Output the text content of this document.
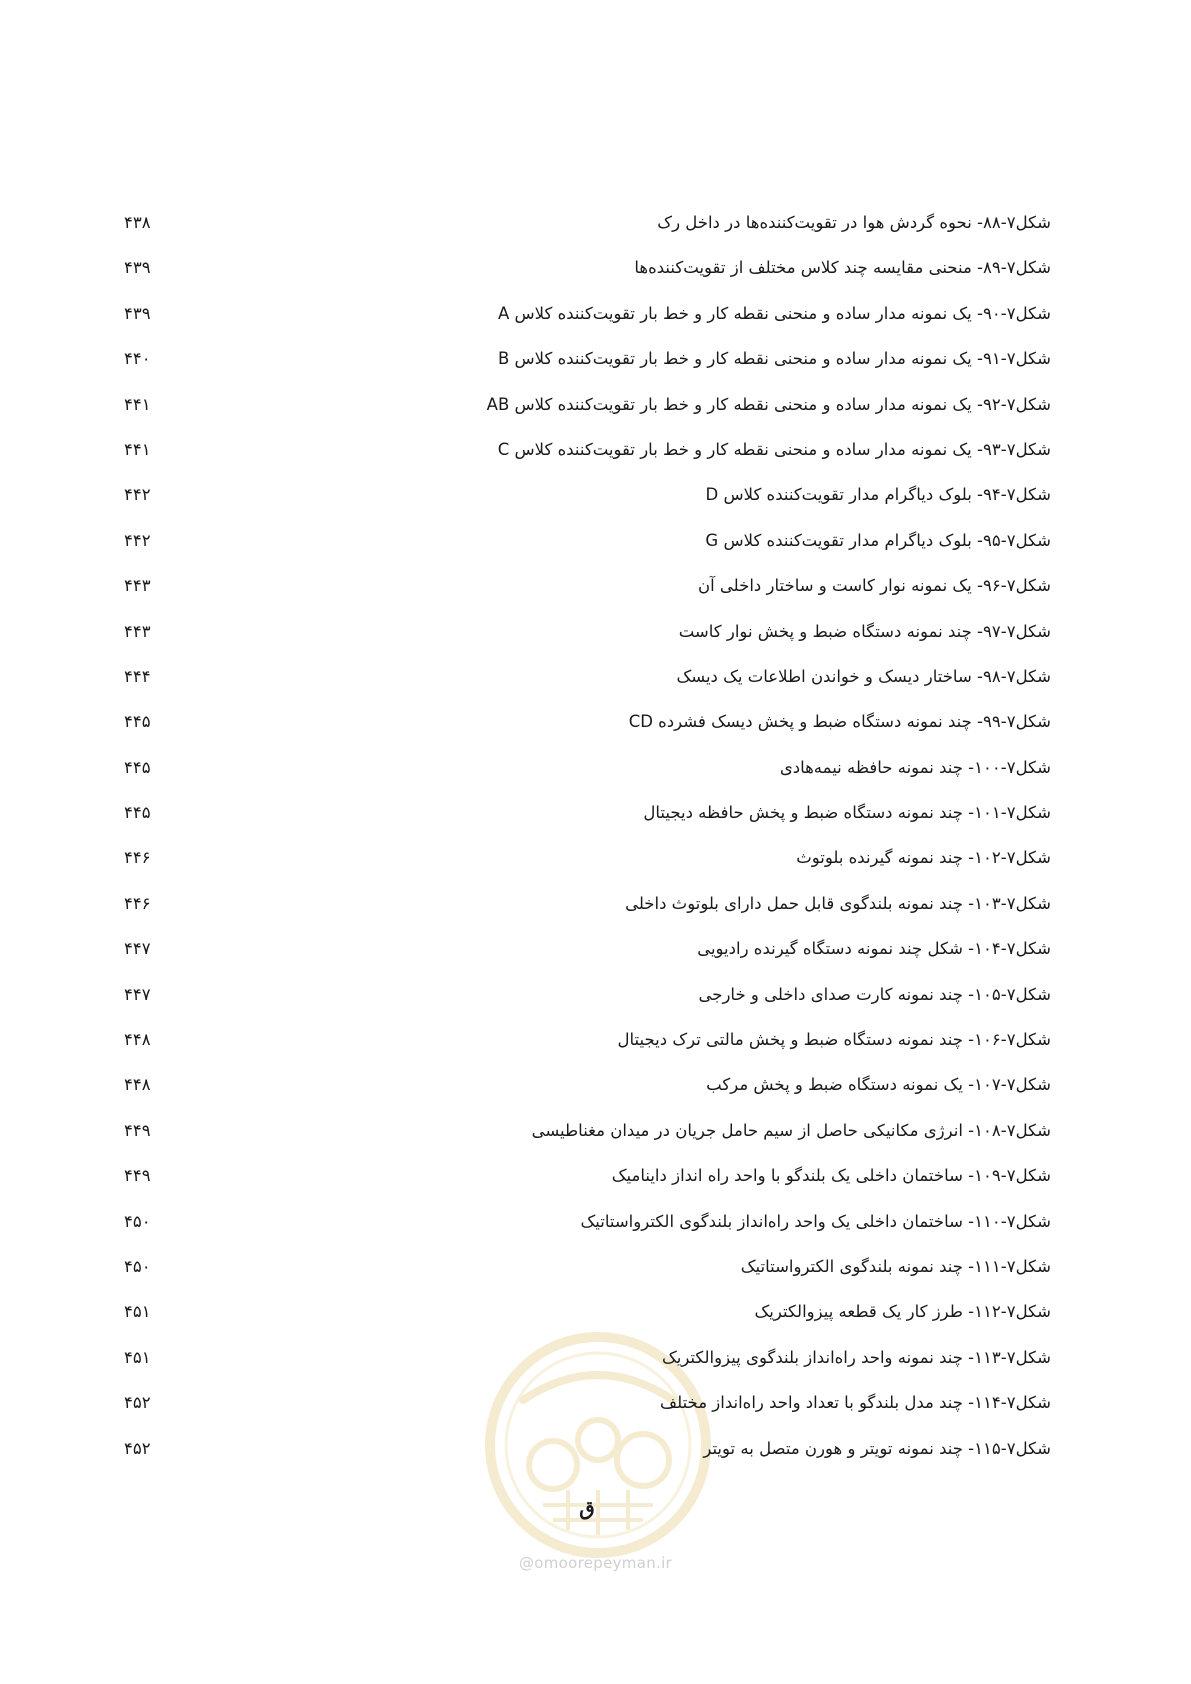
شکل۷-۸۸- نحوه گردش هوا در تقویت‌کننده‌ها در داخل رک
۴۳۸
شکل۷-۸۹- منحنی مقایسه چند کلاس مختلف از تقویت‌کننده‌ها
۴۳۹
شکل۷-۹۰- یک نمونه مدار ساده و منحنی نقطه کار و خط بار تقویت‌کننده کلاس A
۴۳۹
شکل۷-۹۱- یک نمونه مدار ساده و منحنی نقطه کار و خط بار تقویت‌کننده کلاس B
۴۴۰
شکل۷-۹۲- یک نمونه مدار ساده و منحنی نقطه کار و خط بار تقویت‌کننده کلاس AB
۴۴۱
شکل۷-۹۳- یک نمونه مدار ساده و منحنی نقطه کار و خط بار تقویت‌کننده کلاس C
۴۴۱
شکل۷-۹۴- بلوک دیاگرام مدار تقویت‌کننده کلاس D
۴۴۲
شکل۷-۹۵- بلوک دیاگرام مدار تقویت‌کننده کلاس G
۴۴۲
شکل۷-۹۶- یک نمونه نوار کاست و ساختار داخلی آن
۴۴۳
شکل۷-۹۷- چند نمونه دستگاه ضبط و پخش نوار کاست
۴۴۳
شکل۷-۹۸- ساختار دیسک و خواندن اطلاعات یک دیسک
۴۴۴
شکل۷-۹۹- چند نمونه دستگاه ضبط و پخش دیسک فشرده CD
۴۴۵
شکل۷-۱۰۰- چند نمونه حافظه نیمه‌هادی
۴۴۵
شکل۷-۱۰۱- چند نمونه دستگاه ضبط و پخش حافظه دیجیتال
۴۴۵
شکل۷-۱۰۲- چند نمونه گیرنده بلوتوث
۴۴۶
شکل۷-۱۰۳- چند نمونه بلندگوی قابل حمل دارای بلوتوث داخلی
۴۴۶
شکل۷-۱۰۴- شکل چند نمونه دستگاه گیرنده رادیویی
۴۴۷
شکل۷-۱۰۵- چند نمونه کارت صدای داخلی و خارجی
۴۴۷
شکل۷-۱۰۶- چند نمونه دستگاه ضبط و پخش مالتی ترک دیجیتال
۴۴۸
شکل۷-۱۰۷- یک نمونه دستگاه ضبط و پخش مرکب
۴۴۸
شکل۷-۱۰۸- انرژی مکانیکی حاصل از سیم حامل جریان در میدان مغناطیسی
۴۴۹
شکل۷-۱۰۹- ساختمان داخلی یک بلندگو با واحد راه انداز داینامیک
۴۴۹
شکل۷-۱۱۰- ساختمان داخلی یک واحد راه‌انداز بلندگوی الکترواستاتیک
۴۵۰
شکل۷-۱۱۱- چند نمونه بلندگوی الکترواستاتیک
۴۵۰
شکل۷-۱۱۲- طرز کار یک قطعه پیزوالکتریک
۴۵۱
شکل۷-۱۱۳- چند نمونه واحد راه‌انداز بلندگوی پیزوالکتریک
۴۵۱
شکل۷-۱۱۴- چند مدل بلندگو با تعداد واحد راه‌انداز مختلف
۴۵۲
شکل۷-۱۱۵- چند نمونه تویتر و هورن متصل به تویتر
۴۵۲
ق
@omoorepeyman.ir
